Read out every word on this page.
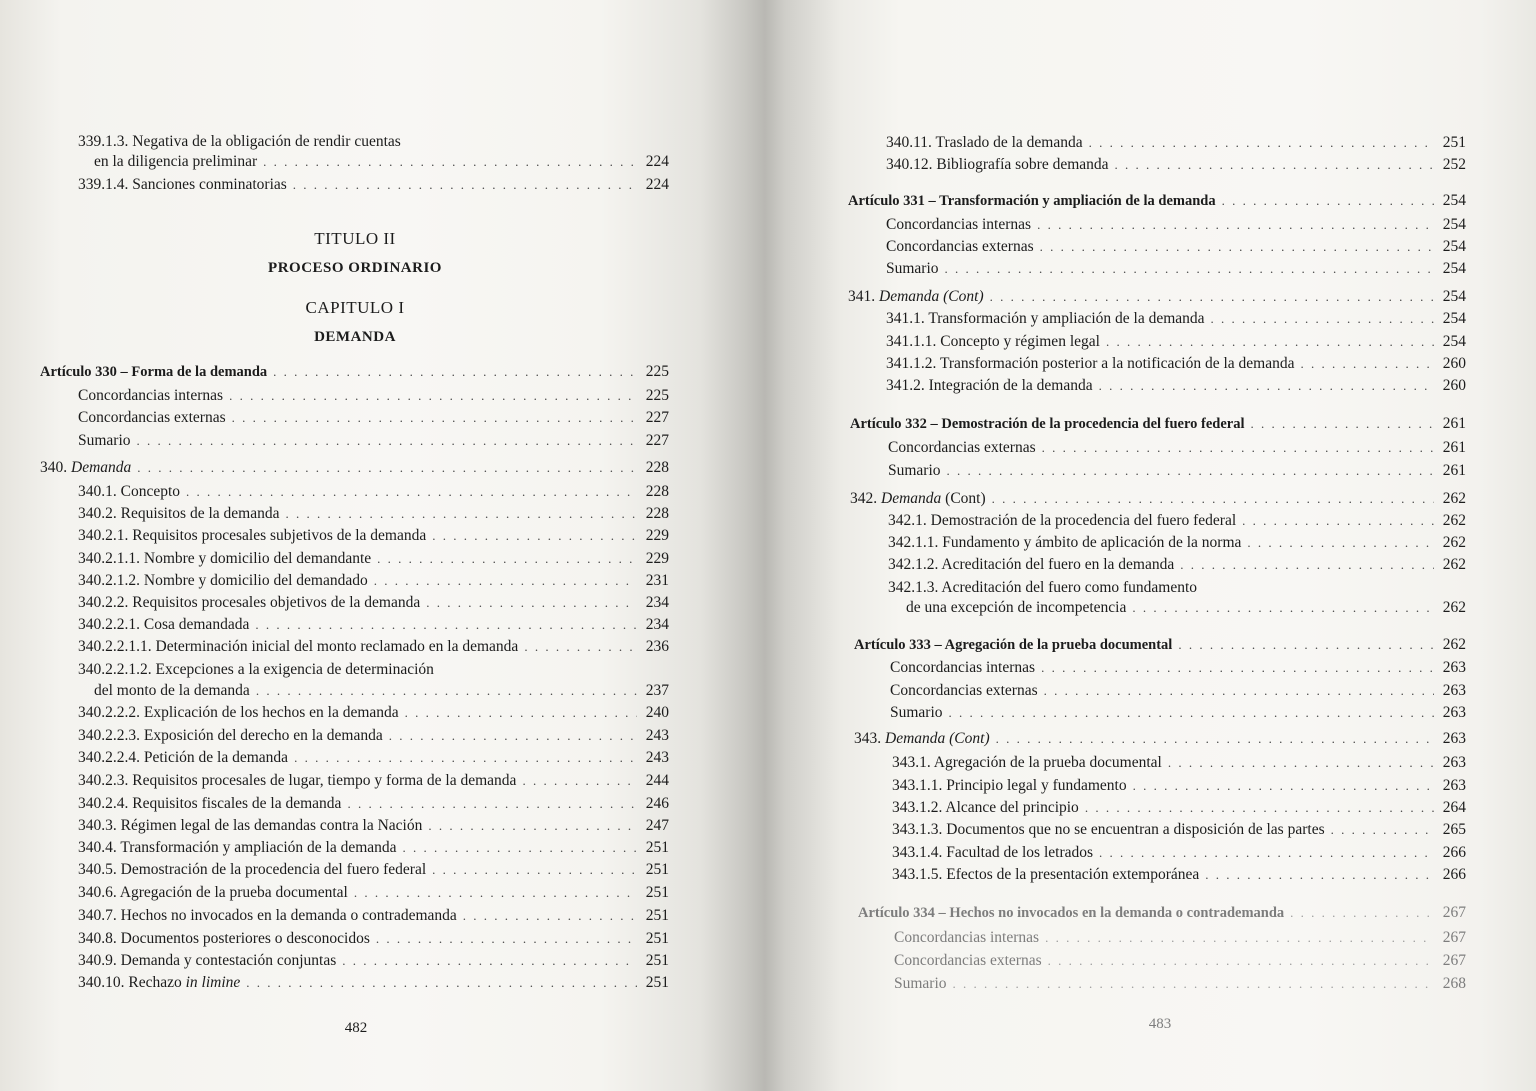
339.1.3. Negativa de la obligación de rendir cuentas
en la diligencia preliminar . . .	224
339.1.4. Sanciones conminatorias . . .	224
TITULO II
PROCESO ORDINARIO
CAPITULO I
DEMANDA
Artículo 330 – Forma de la demanda . . .	225
Concordancias internas . . .	225
Concordancias externas . . .	227
Sumario . . .	227
340. Demanda . . .	228
340.1. Concepto . . .	228
340.2. Requisitos de la demanda . . .	228
340.2.1. Requisitos procesales subjetivos de la demanda . . .	229
340.2.1.1. Nombre y domicilio del demandante . . .	229
340.2.1.2. Nombre y domicilio del demandado . . .	231
340.2.2. Requisitos procesales objetivos de la demanda . . .	234
340.2.2.1. Cosa demandada . . .	234
340.2.2.1.1. Determinación inicial del monto reclamado en la demanda . . .	236
340.2.2.1.2. Excepciones a la exigencia de determinación
del monto de la demanda . . .	237
340.2.2.2. Explicación de los hechos en la demanda . . .	240
340.2.2.3. Exposición del derecho en la demanda . . .	243
340.2.2.4. Petición de la demanda . . .	243
340.2.3. Requisitos procesales de lugar, tiempo y forma de la demanda . . .	244
340.2.4. Requisitos fiscales de la demanda . . .	246
340.3. Régimen legal de las demandas contra la Nación . . .	247
340.4. Transformación y ampliación de la demanda . . .	251
340.5. Demostración de la procedencia del fuero federal . . .	251
340.6. Agregación de la prueba documental . . .	251
340.7. Hechos no invocados en la demanda o contrademanda . . .	251
340.8. Documentos posteriores o desconocidos . . .	251
340.9. Demanda y contestación conjuntas . . .	251
340.10. Rechazo in limine . . .	251
482
340.11. Traslado de la demanda . . .	251
340.12. Bibliografía sobre demanda . . .	252
Artículo 331 – Transformación y ampliación de la demanda . . .	254
Concordancias internas . . .	254
Concordancias externas . . .	254
Sumario . . .	254
341. Demanda (Cont) . . .	254
341.1. Transformación y ampliación de la demanda . . .	254
341.1.1. Concepto y régimen legal . . .	254
341.1.2. Transformación posterior a la notificación de la demanda . . .	260
341.2. Integración de la demanda . . .	260
Artículo 332 – Demostración de la procedencia del fuero federal . . .	261
Concordancias externas . . .	261
Sumario . . .	261
342. Demanda (Cont) . . .	262
342.1. Demostración de la procedencia del fuero federal . . .	262
342.1.1. Fundamento y ámbito de aplicación de la norma . . .	262
342.1.2. Acreditación del fuero en la demanda . . .	262
342.1.3. Acreditación del fuero como fundamento
de una excepción de incompetencia . . .	262
Artículo 333 – Agregación de la prueba documental . . .	262
Concordancias internas . . .	263
Concordancias externas . . .	263
Sumario . . .	263
343. Demanda (Cont) . . .	263
343.1. Agregación de la prueba documental . . .	263
343.1.1. Principio legal y fundamento . . .	263
343.1.2. Alcance del principio . . .	264
343.1.3. Documentos que no se encuentran a disposición de las partes . . .	265
343.1.4. Facultad de los letrados . . .	266
343.1.5. Efectos de la presentación extemporánea . . .	266
Artículo 334 – Hechos no invocados en la demanda o contrademanda . . .	267
Concordancias internas . . .	267
Concordancias externas . . .	267
Sumario . . .	268
483
